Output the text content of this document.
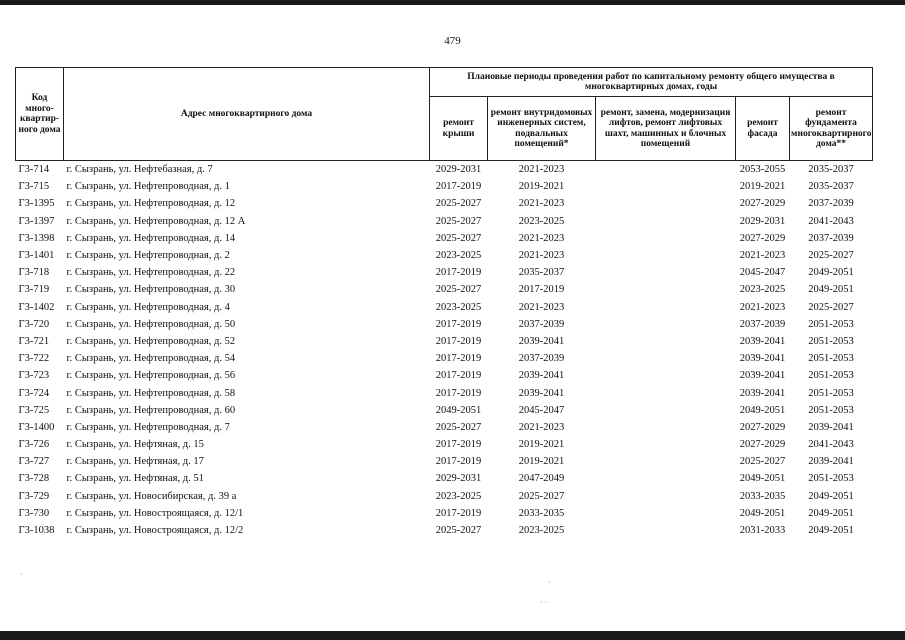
479
Код много-квартир-ного дома	Адрес многоквартирного дома	Плановые периоды проведения работ по капитальному ремонту общего имущества в многоквартирных домах, годы				
		ремонт крыши	ремонт внутридомовых инженерных систем, подвальных помещений*	ремонт, замена, модернизация лифтов, ремонт лифтовых шахт, машинных и блочных помещений	ремонт фасада	ремонт фундамента многоквартирного дома**
Г3-714	г. Сызрань, ул. Нефтебазная, д. 7	2029-2031	2021-2023		2053-2055	2035-2037
Г3-715	г. Сызрань, ул. Нефтепроводная, д. 1	2017-2019	2019-2021		2019-2021	2035-2037
Г3-1395	г. Сызрань, ул. Нефтепроводная, д. 12	2025-2027	2021-2023		2027-2029	2037-2039
Г3-1397	г. Сызрань, ул. Нефтепроводная, д. 12 А	2025-2027	2023-2025		2029-2031	2041-2043
Г3-1398	г. Сызрань, ул. Нефтепроводная, д. 14	2025-2027	2021-2023		2027-2029	2037-2039
Г3-1401	г. Сызрань, ул. Нефтепроводная, д. 2	2023-2025	2021-2023		2021-2023	2025-2027
Г3-718	г. Сызрань, ул. Нефтепроводная, д. 22	2017-2019	2035-2037		2045-2047	2049-2051
Г3-719	г. Сызрань, ул. Нефтепроводная, д. 30	2025-2027	2017-2019		2023-2025	2049-2051
Г3-1402	г. Сызрань, ул. Нефтепроводная, д. 4	2023-2025	2021-2023		2021-2023	2025-2027
Г3-720	г. Сызрань, ул. Нефтепроводная, д. 50	2017-2019	2037-2039		2037-2039	2051-2053
Г3-721	г. Сызрань, ул. Нефтепроводная, д. 52	2017-2019	2039-2041		2039-2041	2051-2053
Г3-722	г. Сызрань, ул. Нефтепроводная, д. 54	2017-2019	2037-2039		2039-2041	2051-2053
Г3-723	г. Сызрань, ул. Нефтепроводная, д. 56	2017-2019	2039-2041		2039-2041	2051-2053
Г3-724	г. Сызрань, ул. Нефтепроводная, д. 58	2017-2019	2039-2041		2039-2041	2051-2053
Г3-725	г. Сызрань, ул. Нефтепроводная, д. 60	2049-2051	2045-2047		2049-2051	2051-2053
Г3-1400	г. Сызрань, ул. Нефтепроводная, д. 7	2025-2027	2021-2023		2027-2029	2039-2041
Г3-726	г. Сызрань, ул. Нефтяная, д. 15	2017-2019	2019-2021		2027-2029	2041-2043
Г3-727	г. Сызрань, ул. Нефтяная, д. 17	2017-2019	2019-2021		2025-2027	2039-2041
Г3-728	г. Сызрань, ул. Нефтяная, д. 51	2029-2031	2047-2049		2049-2051	2051-2053
Г3-729	г. Сызрань, ул. Новосибирская, д. 39 а	2023-2025	2025-2027		2033-2035	2049-2051
Г3-730	г. Сызрань, ул. Новостроящаяся, д. 12/1	2017-2019	2033-2035		2049-2051	2049-2051
Г3-1038	г. Сызрань, ул. Новостроящаяся, д. 12/2	2025-2027	2023-2025		2031-2033	2049-2051
·
· ·
·
